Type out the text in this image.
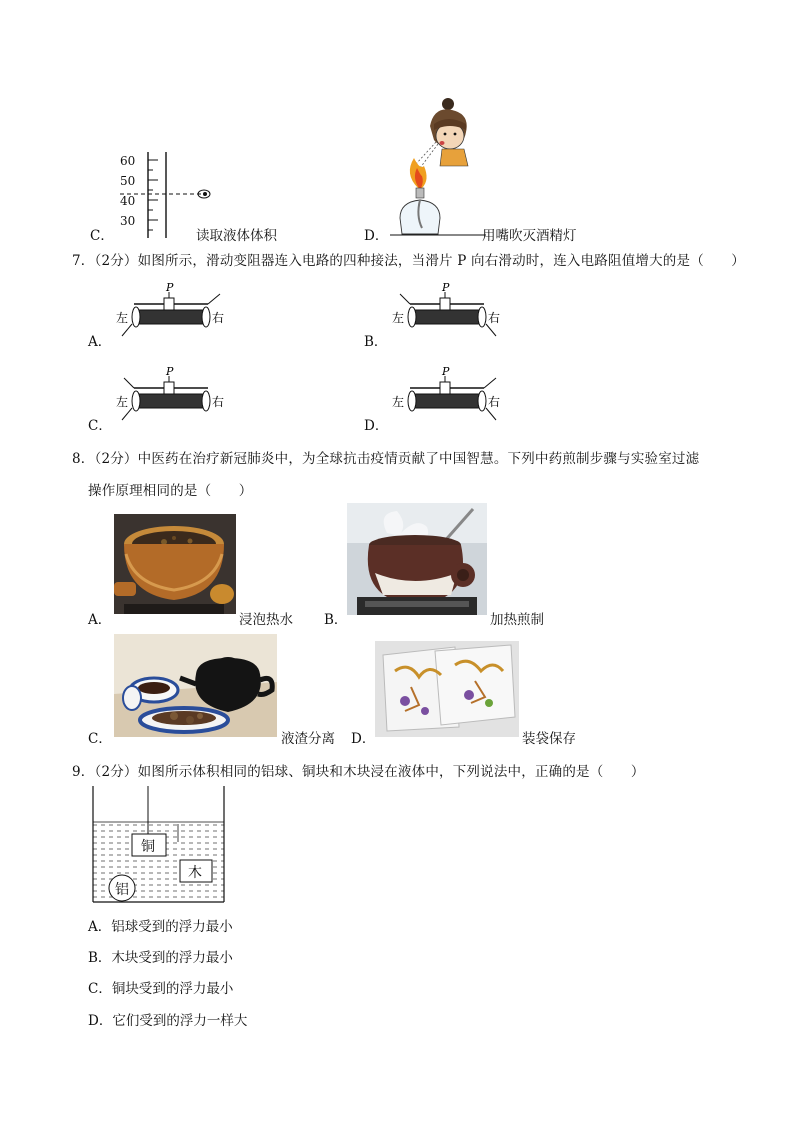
60
50
40
30
C．	读取液体体积	D．	用嘴吹灭酒精灯
7．（2分）如图所示，滑动变阻器连入电路的四种接法，当滑片 P 向右滑动时，连入电路阻值增大的是（　　）
A．
P
左	右
B．
P
左	右
C．
P
左	右
D．
P
左	右
8．（2分）中医药在治疗新冠肺炎中，为全球抗击疫情贡献了中国智慧。下列中药煎制步骤与实验室过滤
操作原理相同的是（　　）
A．	浸泡热水 B．	加热煎制
C．	液渣分离 D．	装袋保存
9．（2分）如图所示体积相同的铝球、铜块和木块浸在液体中，下列说法中，正确的是（　　）
铜
木
铝
A．铝球受到的浮力最小
B．木块受到的浮力最小
C．铜块受到的浮力最小
D．它们受到的浮力一样大
